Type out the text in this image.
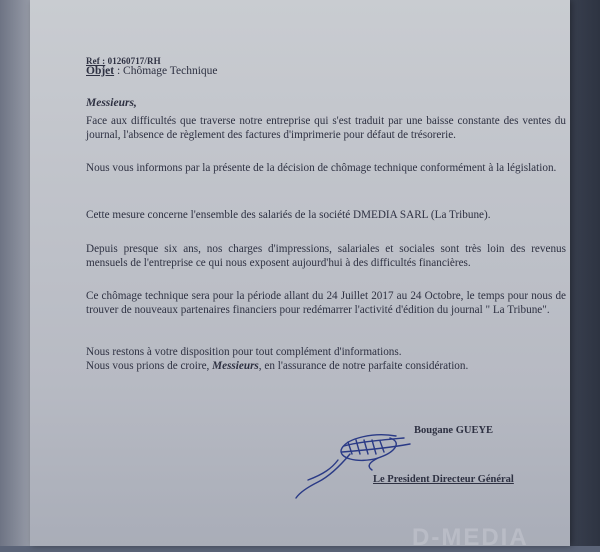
Ref : 01260717/RH
Objet : Chômage Technique
Messieurs,
Face aux difficultés que traverse notre entreprise qui s'est traduit par une baisse constante des ventes du journal, l'absence de règlement des factures d'imprimerie pour défaut de trésorerie.
Nous vous informons par la présente de la décision de chômage technique conformément à la législation.
Cette mesure concerne l'ensemble des salariés de la société DMEDIA SARL (La Tribune).
Depuis presque six ans, nos charges d'impressions, salariales et sociales sont très loin des revenus mensuels de l'entreprise ce qui nous exposent aujourd'hui à des difficultés financières.
Ce chômage technique sera pour la période allant du 24 Juillet 2017 au 24 Octobre, le temps pour nous de trouver de nouveaux partenaires financiers pour redémarrer l'activité d'édition du journal " La Tribune".
Nous restons à votre disposition pour tout complément d'informations.
Nous vous prions de croire, Messieurs, en l'assurance de notre parfaite considération.
Bougane GUEYE
Le President Directeur Général
D-MEDIA
